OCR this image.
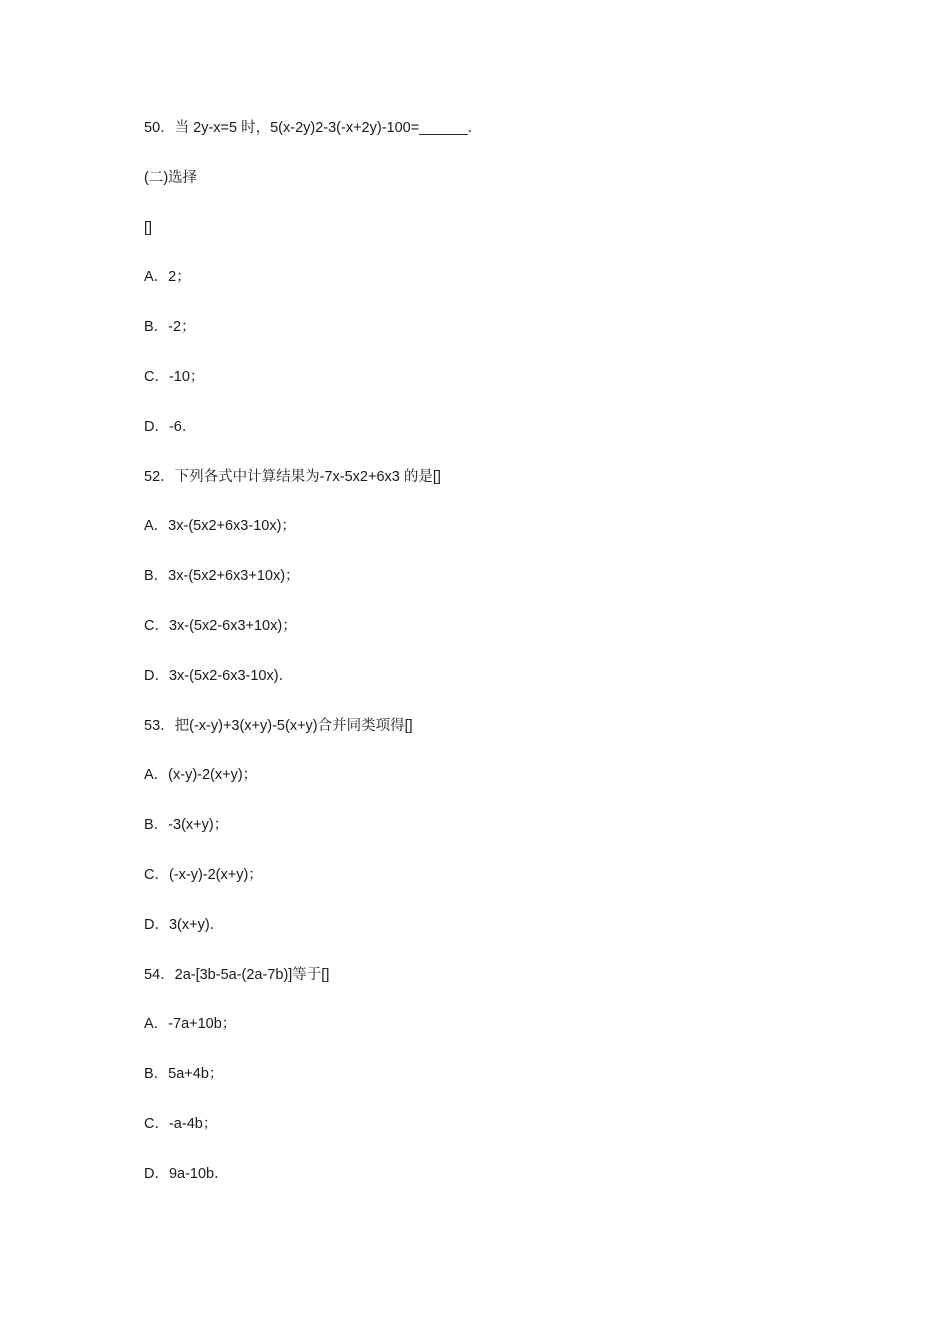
50．当 2y-x=5 时，5(x-2y)2-3(-x+2y)-100=______．
(二)选择
[]
A．2；
B．-2；
C．-10；
D．-6．
52．下列各式中计算结果为-7x-5x2+6x3 的是[]
A．3x-(5x2+6x3-10x)；
B．3x-(5x2+6x3+10x)；
C．3x-(5x2-6x3+10x)；
D．3x-(5x2-6x3-10x)．
53．把(-x-y)+3(x+y)-5(x+y)合并同类项得[]
A．(x-y)-2(x+y)；
B．-3(x+y)；
C．(-x-y)-2(x+y)；
D．3(x+y)．
54．2a-[3b-5a-(2a-7b)]等于[]
A．-7a+10b；
B．5a+4b；
C．-a-4b；
D．9a-10b．
